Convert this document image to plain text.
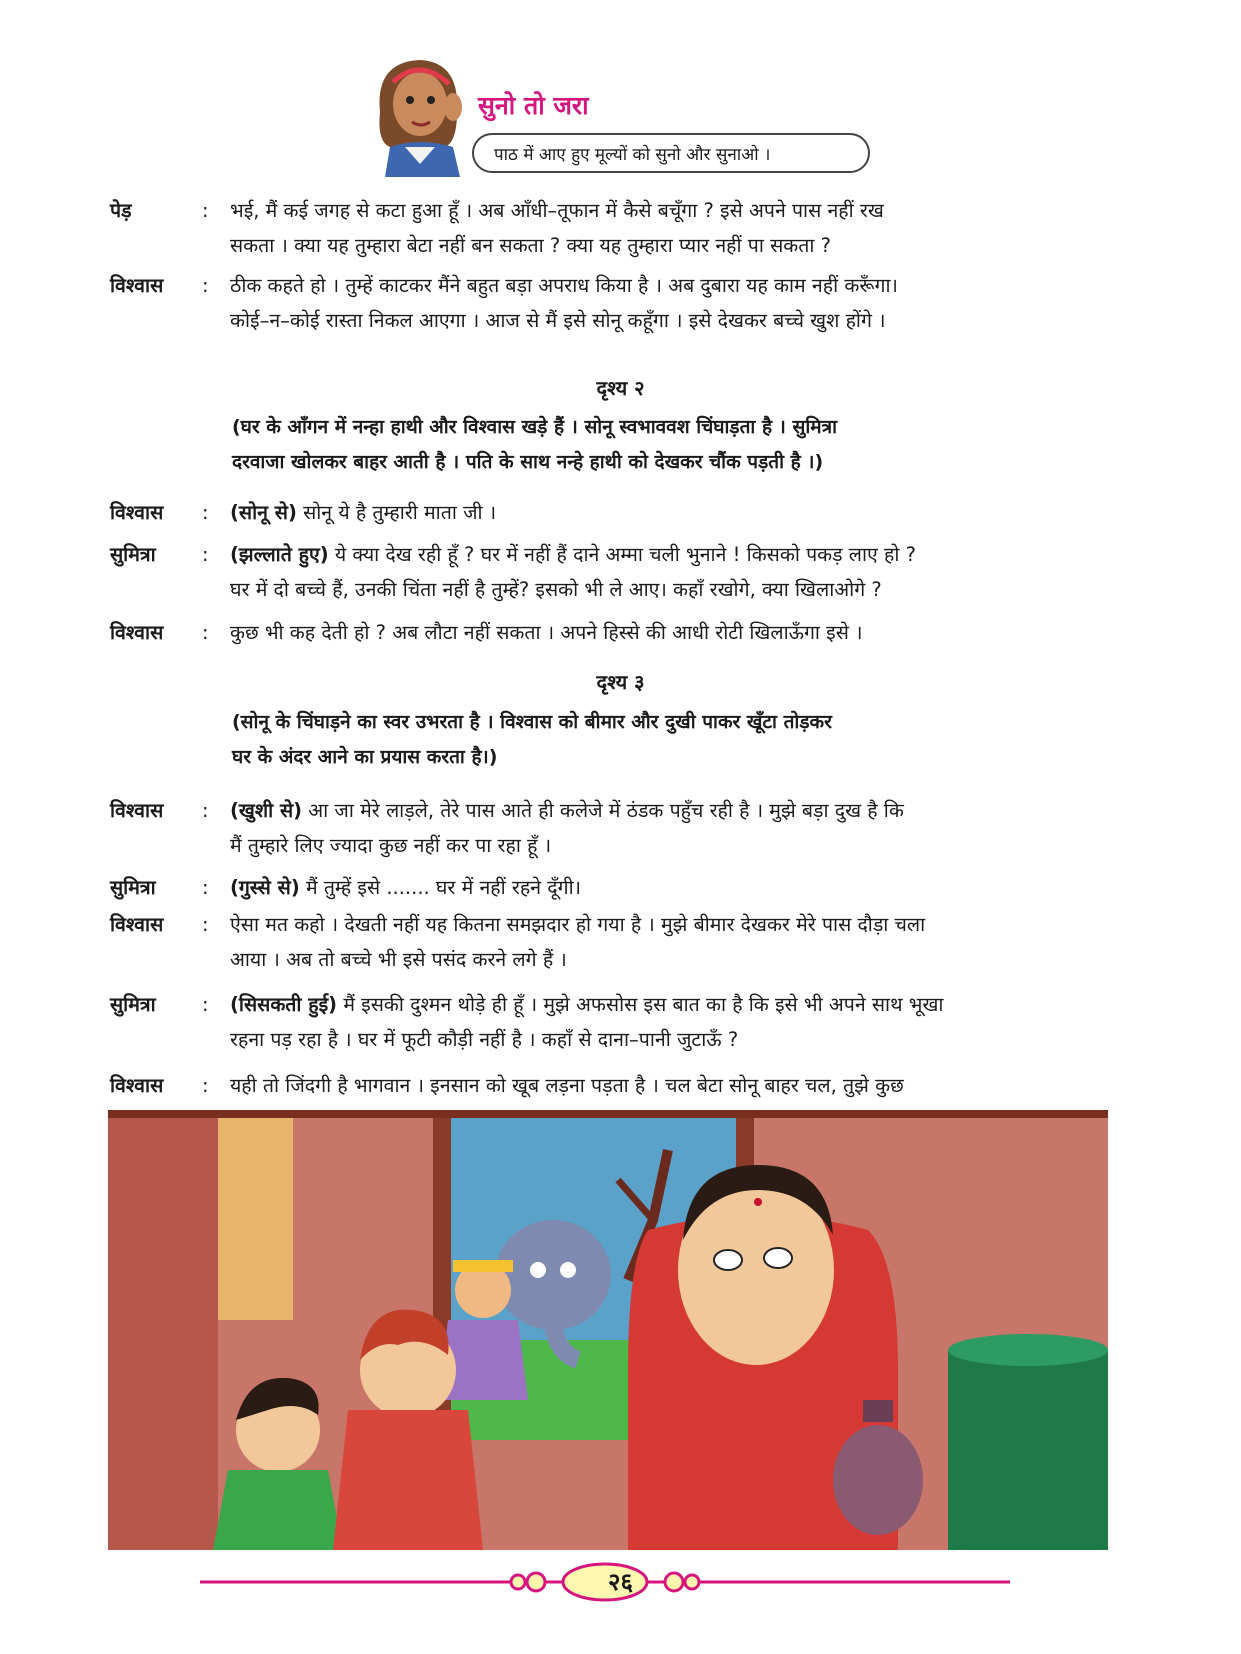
सुनो तो जरा
पाठ में आए हुए मूल्यों को सुनो और सुनाओ ।
पेड़	: भई, मैं कई जगह से कटा हुआ हूँ । अब आँधी–तूफान में कैसे बचूँगा ? इसे अपने पास नहीं रख
सकता । क्या यह तुम्हारा बेटा नहीं बन सकता ? क्या यह तुम्हारा प्यार नहीं पा सकता ?
विश्वास : ठीक कहते हो । तुम्हें काटकर मैंने बहुत बड़ा अपराध किया है । अब दुबारा यह काम नहीं करूँगा।
कोई–न–कोई रास्ता निकल आएगा । आज से मैं इसे सोनू कहूँगा । इसे देखकर बच्चे खुश होंगे ।
दृश्य २
(घर के आँगन में नन्हा हाथी और विश्वास खड़े हैं । सोनू स्वभाववश चिंघाड़ता है । सुमित्रा
दरवाजा खोलकर बाहर आती है । पति के साथ नन्हे हाथी को देखकर चौंक पड़ती है ।)
विश्वास : (सोनू से) सोनू ये है तुम्हारी माता जी ।
सुमित्रा : (झल्लाते हुए) ये क्या देख रही हूँ ? घर में नहीं हैं दाने अम्मा चली भुनाने ! किसको पकड़ लाए हो ?
घर में दो बच्चे हैं, उनकी चिंता नहीं है तुम्हें? इसको भी ले आए। कहाँ रखोगे, क्या खिलाओगे ?
विश्वास : कुछ भी कह देती हो ? अब लौटा नहीं सकता । अपने हिस्से की आधी रोटी खिलाऊँगा इसे ।
दृश्य ३
(सोनू के चिंघाड़ने का स्वर उभरता है । विश्वास को बीमार और दुखी पाकर खूँटा तोड़कर
घर के अंदर आने का प्रयास करता है।)
विश्वास : (खुशी से) आ जा मेरे लाड़ले, तेरे पास आते ही कलेजे में ठंडक पहुँच रही है । मुझे बड़ा दुख है कि
मैं तुम्हारे लिए ज्यादा कुछ नहीं कर पा रहा हूँ ।
सुमित्रा : (गुस्से से) मैं तुम्हें इसे ....... घर में नहीं रहने दूँगी।
विश्वास : ऐसा मत कहो । देखती नहीं यह कितना समझदार हो गया है । मुझे बीमार देखकर मेरे पास दौड़ा चला
आया । अब तो बच्चे भी इसे पसंद करने लगे हैं ।
सुमित्रा : (सिसकती हुई) मैं इसकी दुश्मन थोड़े ही हूँ । मुझे अफसोस इस बात का है कि इसे भी अपने साथ भूखा
रहना पड़ रहा है । घर में फूटी कौड़ी नहीं है । कहाँ से दाना–पानी जुटाऊँ ?
विश्वास : यही तो जिंदगी है भागवान । इनसान को खूब लड़ना पड़ता है । चल बेटा सोनू बाहर चल, तुझे कुछ
२६
